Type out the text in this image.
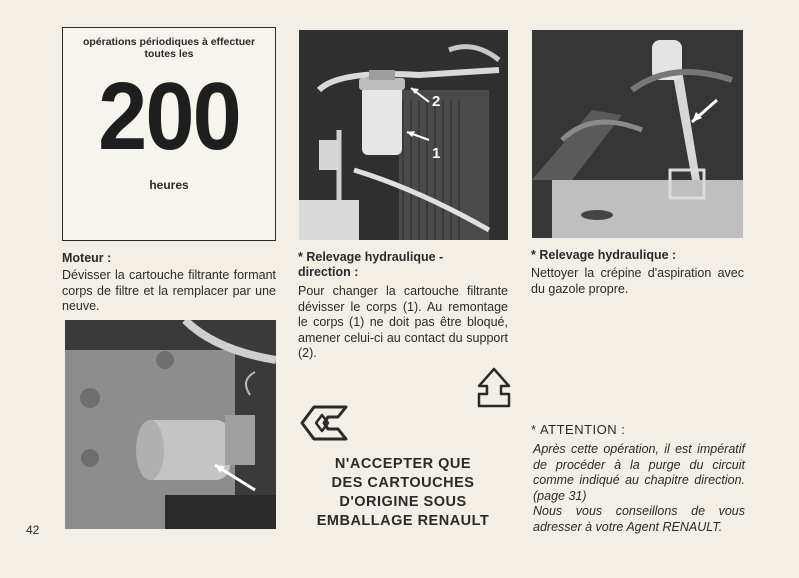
opérations périodiques à effectuer
toutes les
200
heures
1
2
Moteur :
Dévisser la cartouche filtrante formant corps de filtre et la remplacer par une neuve.
* Relevage hydraulique -
direction :
Pour changer la cartouche filtrante dévisser le corps (1). Au remontage le corps (1) ne doit pas être bloqué, amener celui-ci au contact du support (2).
N'ACCEPTER QUE
DES CARTOUCHES
D'ORIGINE SOUS
EMBALLAGE RENAULT
* Relevage hydraulique :
Nettoyer la crépine d'aspiration avec du gazole propre.
* ATTENTION :
Après cette opération, il est impératif de procéder à la purge du circuit comme indiqué au chapitre direction. (page 31)
Nous vous conseillons de vous adresser à votre Agent RENAULT.
42
